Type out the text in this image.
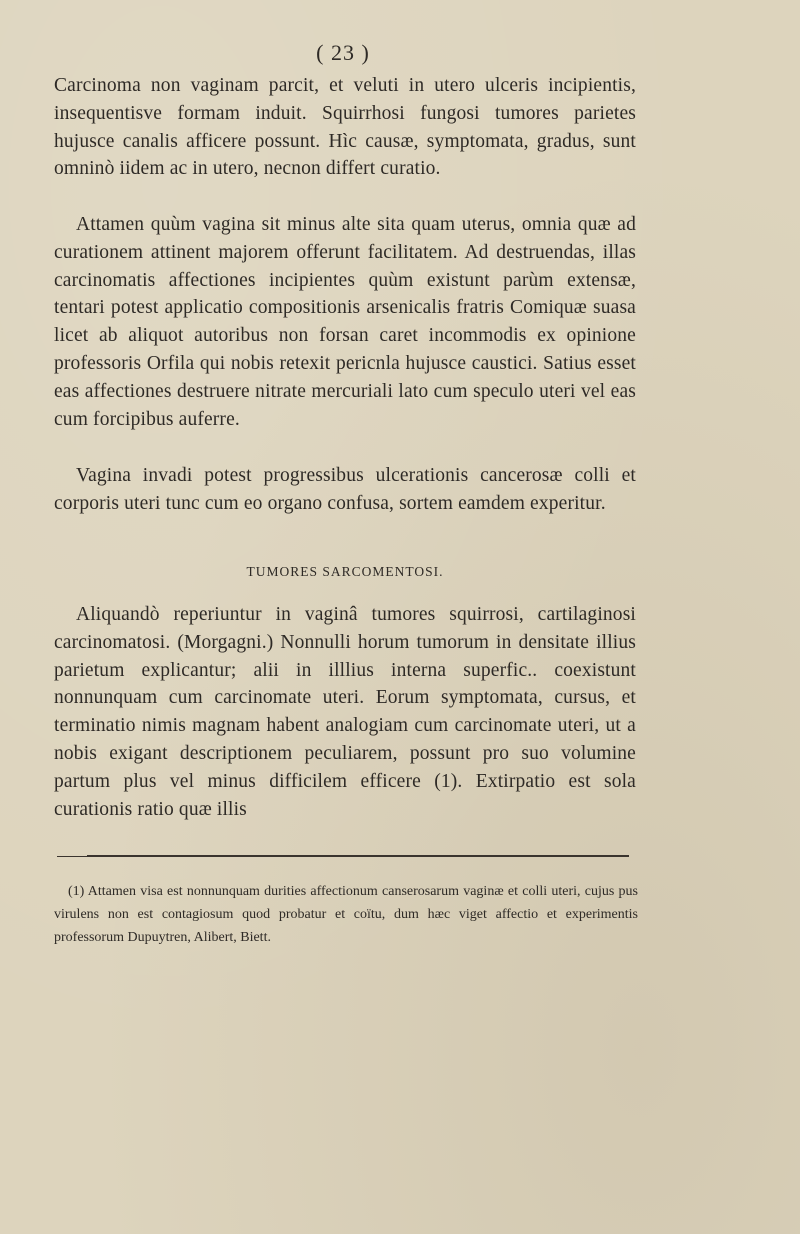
( 23 )

Carcinoma non vaginam parcit, et veluti in utero ulceris incipientis, insequentisve formam induit. Squirrhosi fungosi tumores parietes hujusce canalis afficere possunt. Hìc causæ, symptomata, gradus, sunt omninò iidem ac in utero, necnon differt curatio.

Attamen quùm vagina sit minus alte sita quam uterus, omnia quæ ad curationem attinent majorem offerunt facilitatem. Ad destruendas, illas carcinomatis affectiones incipientes quùm existunt parùm extensæ, tentari potest applicatio compositionis arsenicalis fratris Comiquæ suasa licet ab aliquot autoribus non forsan caret incommodis ex opinione professoris Orfila qui nobis retexit pericnla hujusce caustici. Satius esset eas affectiones destruere nitrate mercuriali lato cum speculo uteri vel eas cum forcipibus auferre.

Vagina invadi potest progressibus ulcerationis cancerosæ colli et corporis uteri tunc cum eo organo confusa, sortem eamdem experitur.

TUMORES SARCOMENTOSI.

Aliquandò reperiuntur in vaginâ tumores squirrosi, cartilaginosi carcinomatosi. (Morgagni.) Nonnulli horum tumorum in densitate illius parietum explicantur; alii in illlius interna superfic.. coexistunt nonnunquam cum carcinomate uteri. Eorum symptomata, cursus, et terminatio nimis magnam habent analogiam cum carcinomate uteri, ut a nobis exigant descriptionem peculiarem, possunt pro suo volumine partum plus vel minus difficilem efficere (1). Extirpatio est sola curationis ratio quæ illis

(1) Attamen visa est nonnunquam durities affectionum canserosarum vaginæ et colli uteri, cujus pus virulens non est contagiosum quod probatur et coïtu, dum hæc viget affectio et experimentis professorum Dupuytren, Alibert, Biett.
